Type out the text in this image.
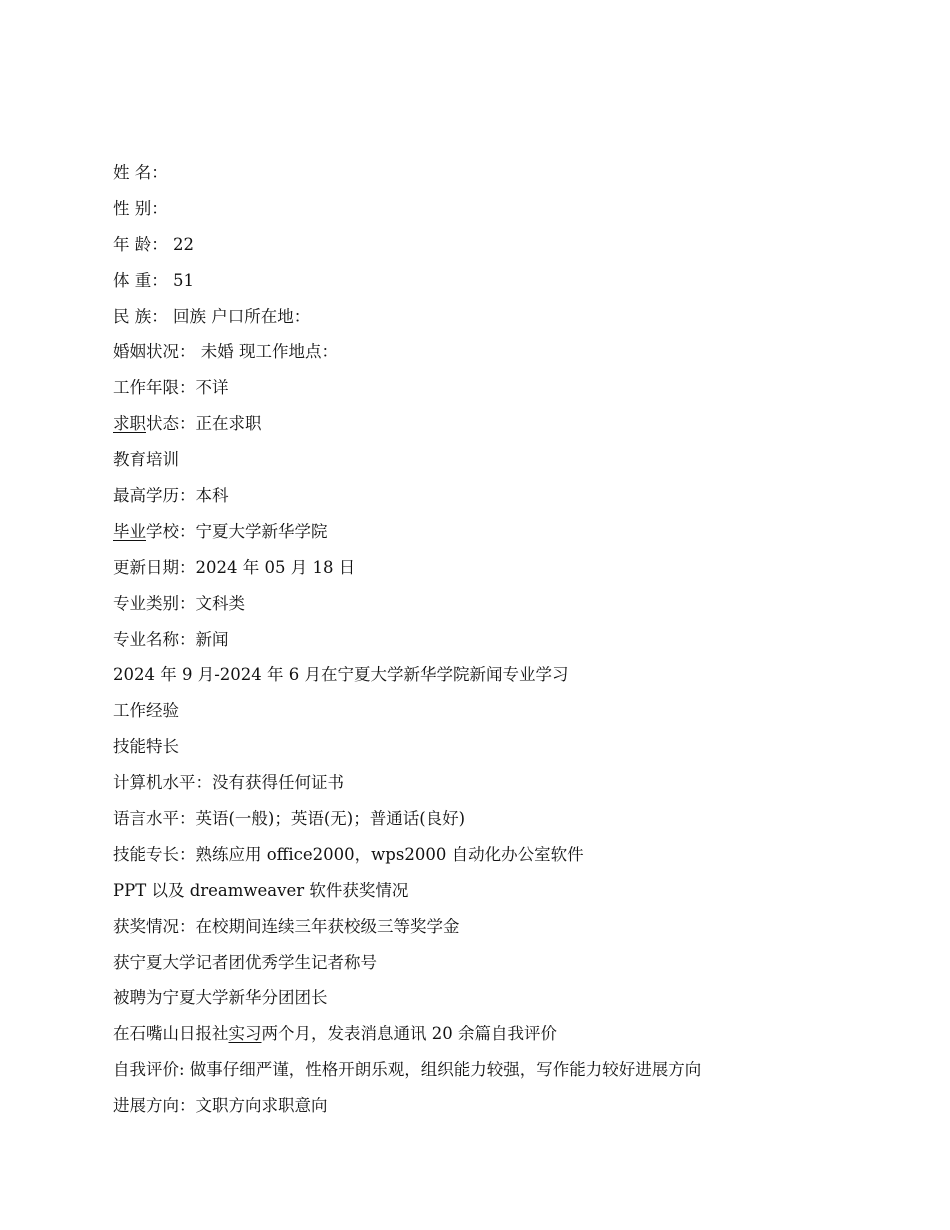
姓 名：
性 别：
年 龄： 22
体 重： 51
民 族： 回族 户口所在地：
婚姻状况： 未婚 现工作地点：
工作年限：不详
求职状态：正在求职
教育培训
最高学历：本科
毕业学校：宁夏大学新华学院
更新日期：2024 年 05 月 18 日
专业类别：文科类
专业名称：新闻
2024 年 9 月-2024 年 6 月在宁夏大学新华学院新闻专业学习
工作经验
技能特长
计算机水平：没有获得任何证书
语言水平：英语(一般)；英语(无)；普通话(良好)
技能专长：熟练应用 office2000，wps2000 自动化办公室软件
PPT 以及 dreamweaver 软件获奖情况
获奖情况：在校期间连续三年获校级三等奖学金
获宁夏大学记者团优秀学生记者称号
被聘为宁夏大学新华分团团长
在石嘴山日报社实习两个月，发表消息通讯 20 余篇自我评价
自我评价: 做事仔细严谨，性格开朗乐观，组织能力较强，写作能力较好进展方向
进展方向：文职方向求职意向
